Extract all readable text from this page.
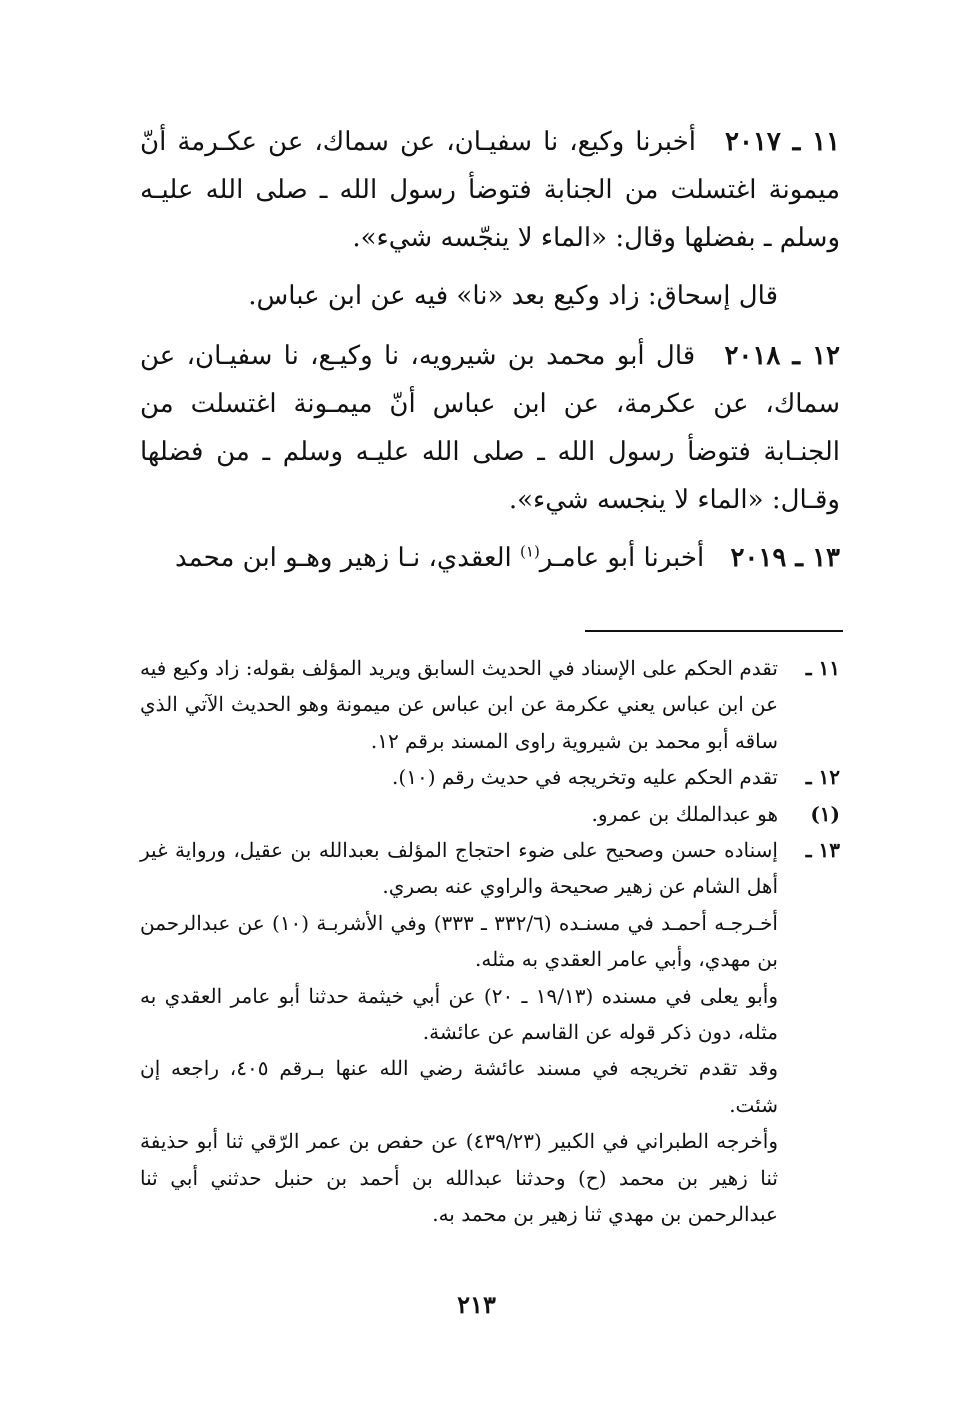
١١ ـ ٢٠١٧ أخبرنا وكيع، نا سفيـان، عن سماك، عن عكـرمة أنّ ميمونة اغتسلت من الجنابة فتوضأ رسول الله ـ صلى الله عليـه وسلم ـ بفضلها وقال: «الماء لا ينجّسه شيء».

قال إسحاق: زاد وكيع بعد «نا» فيه عن ابن عباس.

١٢ ـ ٢٠١٨ قال أبو محمد بن شيرويه، نا وكيـع، نا سفيـان، عن سماك، عن عكرمة، عن ابن عباس أنّ ميمـونة اغتسلت من الجنـابة فتوضأ رسول الله ـ صلى الله عليـه وسلم ـ من فضلها وقـال: «الماء لا ينجسه شيء».

١٣ ـ ٢٠١٩ أخبرنا أبو عامـر$^{(١)}$ العقدي، نـا زهير وهـو ابن محمد

١١ ـ
تقدم الحكم على الإسناد في الحديث السابق ويريد المؤلف بقوله: زاد وكيع فيه عن ابن عباس يعني عكرمة عن ابن عباس عن ميمونة وهو الحديث الآتي الذي ساقه أبو محمد بن شيروية راوى المسند برقم ١٢.

١٢ ـ
تقدم الحكم عليه وتخريجه في حديث رقم (١٠).

(١)
هو عبدالملك بن عمرو.

١٣ ـ
إسناده حسن وصحيح على ضوء احتجاج المؤلف بعبدالله بن عقيل، ورواية غير أهل الشام عن زهير صحيحة والراوي عنه بصري.

أخـرجـه أحمـد في مسنـده (٣٣٢/٦ ـ ٣٣٣) وفي الأشربـة (١٠) عن عبدالرحمن بن مهدي، وأبي عامر العقدي به مثله.

وأبو يعلى في مسنده (١٩/١٣ ـ ٢٠) عن أبي خيثمة حدثنا أبو عامر العقدي به مثله، دون ذكر قوله عن القاسم عن عائشة.

وقد تقدم تخريجه في مسند عائشة رضي الله عنها بـرقم ٤٠٥، راجعه إن شئت.

وأخرجه الطبراني في الكبير (٤٣٩/٢٣) عن حفص بن عمر الرّقي ثنا أبو حذيفة ثنا زهير بن محمد (ح) وحدثنا عبدالله بن أحمد بن حنبل حدثني أبي ثنا عبدالرحمن بن مهدي ثنا زهير بن محمد به.

٢١٣
